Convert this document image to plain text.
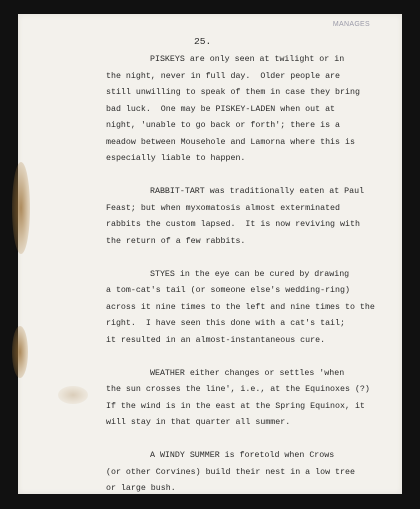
MANAGES
25.
PISKEYS are only seen at twilight or in
the night, never in full day.  Older people are
still unwilling to speak of them in case they bring
bad luck.  One may be PISKEY-LADEN when out at
night, 'unable to go back or forth'; there is a
meadow between Mousehole and Lamorna where this is
especially liable to happen.
RABBIT-TART was traditionally eaten at Paul
Feast; but when myxomatosis almost exterminated
rabbits the custom lapsed.  It is now reviving with
the return of a few rabbits.
STYES in the eye can be cured by drawing
a tom-cat's tail (or someone else's wedding-ring)
across it nine times to the left and nine times to the
right.  I have seen this done with a cat's tail;
it resulted in an almost-instantaneous cure.
WEATHER either changes or settles 'when
the sun crosses the line', i.e., at the Equinoxes (?)
If the wind is in the east at the Spring Equinox, it
will stay in that quarter all summer.
A WINDY SUMMER is foretold when Crows
(or other Corvines) build their nest in a low tree
or large bush.
